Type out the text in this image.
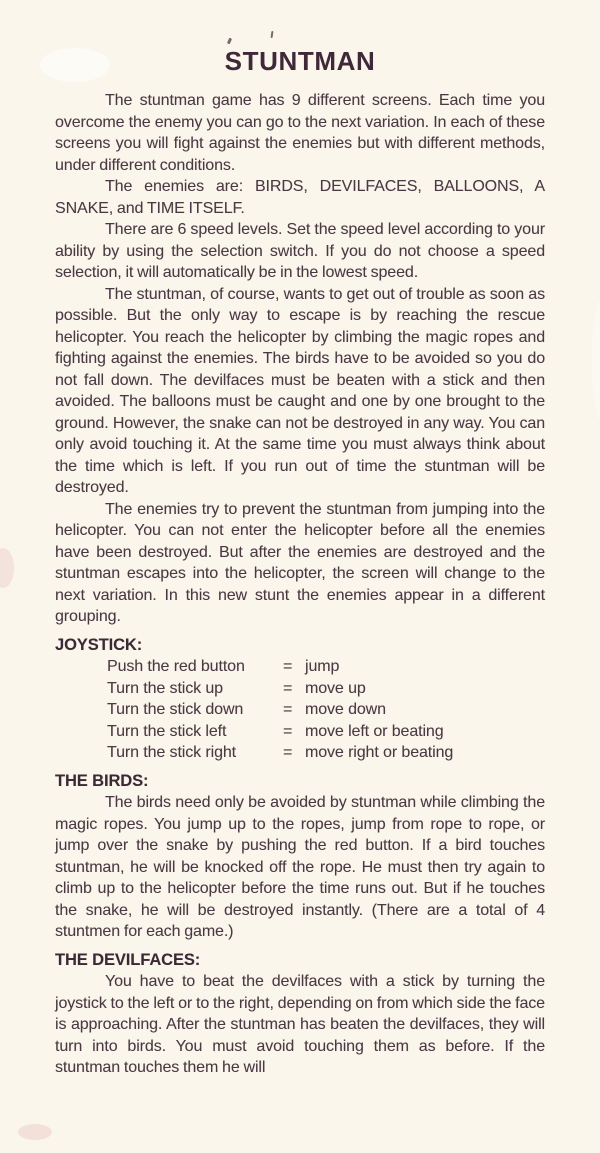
STUNTMAN

The stuntman game has 9 different screens. Each time you overcome the enemy you can go to the next variation. In each of these screens you will fight against the enemies but with different methods, under different conditions.

The enemies are: BIRDS, DEVILFACES, BALLOONS, A SNAKE, and TIME ITSELF.

There are 6 speed levels. Set the speed level according to your ability by using the selection switch. If you do not choose a speed selection, it will automatically be in the lowest speed.

The stuntman, of course, wants to get out of trouble as soon as possible. But the only way to escape is by reaching the rescue helicopter. You reach the helicopter by climbing the magic ropes and fighting against the enemies. The birds have to be avoided so you do not fall down. The devilfaces must be beaten with a stick and then avoided. The balloons must be caught and one by one brought to the ground. However, the snake can not be destroyed in any way. You can only avoid touching it. At the same time you must always think about the time which is left. If you run out of time the stuntman will be destroyed.

The enemies try to prevent the stuntman from jumping into the helicopter. You can not enter the helicopter before all the enemies have been destroyed. But after the enemies are destroyed and the stuntman escapes into the helicopter, the screen will change to the next variation. In this new stunt the enemies appear in a different grouping.

JOYSTICK:
Push the red button = jump
Turn the stick up	= move up
Turn the stick down = move down
Turn the stick left	= move left or beating
Turn the stick right	= move right or beating
THE BIRDS:

The birds need only be avoided by stuntman while climbing the magic ropes. You jump up to the ropes, jump from rope to rope, or jump over the snake by pushing the red button. If a bird touches stuntman, he will be knocked off the rope. He must then try again to climb up to the helicopter before the time runs out. But if he touches the snake, he will be destroyed instantly. (There are a total of 4 stuntmen for each game.)

THE DEVILFACES:

You have to beat the devilfaces with a stick by turning the joystick to the left or to the right, depending on from which side the face is approaching. After the stuntman has beaten the devilfaces, they will turn into birds. You must avoid touching them as before. If the stuntman touches them he will
